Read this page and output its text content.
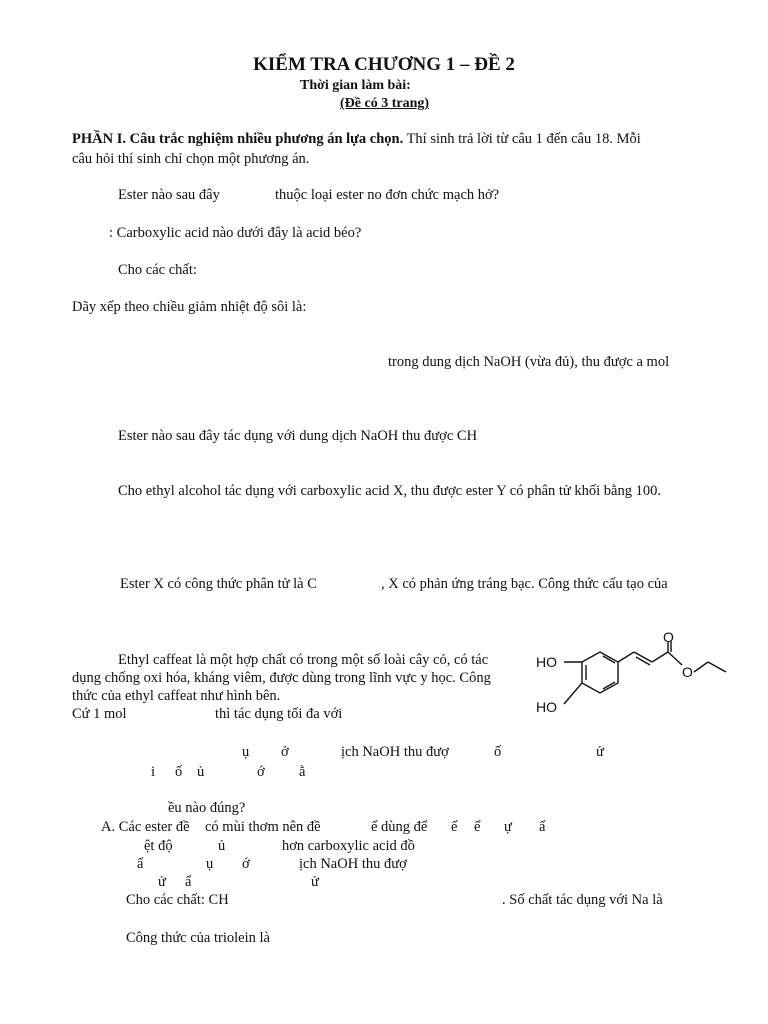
KIỂM TRA CHƯƠNG 1 – ĐỀ 2
Thời gian làm bài:
(Đề có 3 trang)
PHẦN I. Câu trắc nghiệm nhiều phương án lựa chọn. Thí sinh trả lời từ câu 1 đến câu 18. Mỗi
câu hỏi thí sinh chỉ chọn một phương án.
Ester nào sau đây	thuộc loại ester no đơn chức mạch hở?
: Carboxylic acid nào dưới đây là acid béo?
Cho các chất:
Dãy xếp theo chiều giảm nhiệt độ sôi là:
trong dung dịch NaOH (vừa đủ), thu được a mol
Ester nào sau đây tác dụng với dung dịch NaOH thu được CH
Cho ethyl alcohol tác dụng với carboxylic acid X, thu được ester Y có phân tử khối bằng 100.
Ester X có công thức phân tử là C	, X có phản ứng tráng bạc. Công thức cấu tạo của
Ethyl caffeat là một hợp chất có trong một số loài cây cỏ, có tác
dụng chống oxi hóa, kháng viêm, được dùng trong lĩnh vực y học. Công
thức của ethyl caffeat như hình bên.
Cứ 1 mol	thì tác dụng tối đa với
HO
HO
O
O
ụ ở	ịch NaOH thu đượ	ố	ử
i ố ủ	ớ ằ
ều nào đúng?
A. Các ester đề có mùi thơm nên đề	ể dùng để ế ế ự ẩ
ệt độ	ủ	hơn carboxylic acid đồ
ẩ	ụ ớ	ịch NaOH thu đượ
ử ẩ	ử
Cho các chất: CH	. Số chất tác dụng với Na là
Công thức của triolein là
